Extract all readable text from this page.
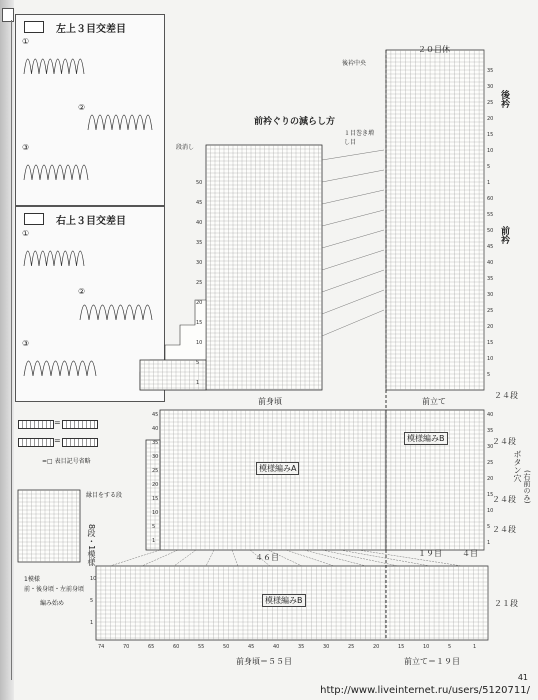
左上３目交差目
①
②
③
右上３目交差目
①
②
③
=
=
=□ 表目記号省略
縁目をする段
8段・1模様
1模様
前・後身頃・左前身頃
編み始め
35
30
25
20
15
10
5
1
60
55
50
45
40
35
30
25
20
15
10
5
50
45
40
35
30
25
20
15
10
5
1
45
40
35
30
25
20
15
10
5
1
40
35
30
25
20
15
10
5
1
10
5
1
74	70	65	60	55	50	45	40	35	30	25	20	15	10	5	1
２０目休
後衿中央
後衿
前衿ぐりの減らし方
１目巻き増し目
段消し
前衿
前身頃	前立て
模様編みA
模様編みB
模様編みB
４６目	１９目	４目
２４段
２４段
２４段
２４段
２１段
ボタン穴
(右前のみ)
前身頃＝５５目	前立て＝１９目
41
http://www.liveinternet.ru/users/5120711/
